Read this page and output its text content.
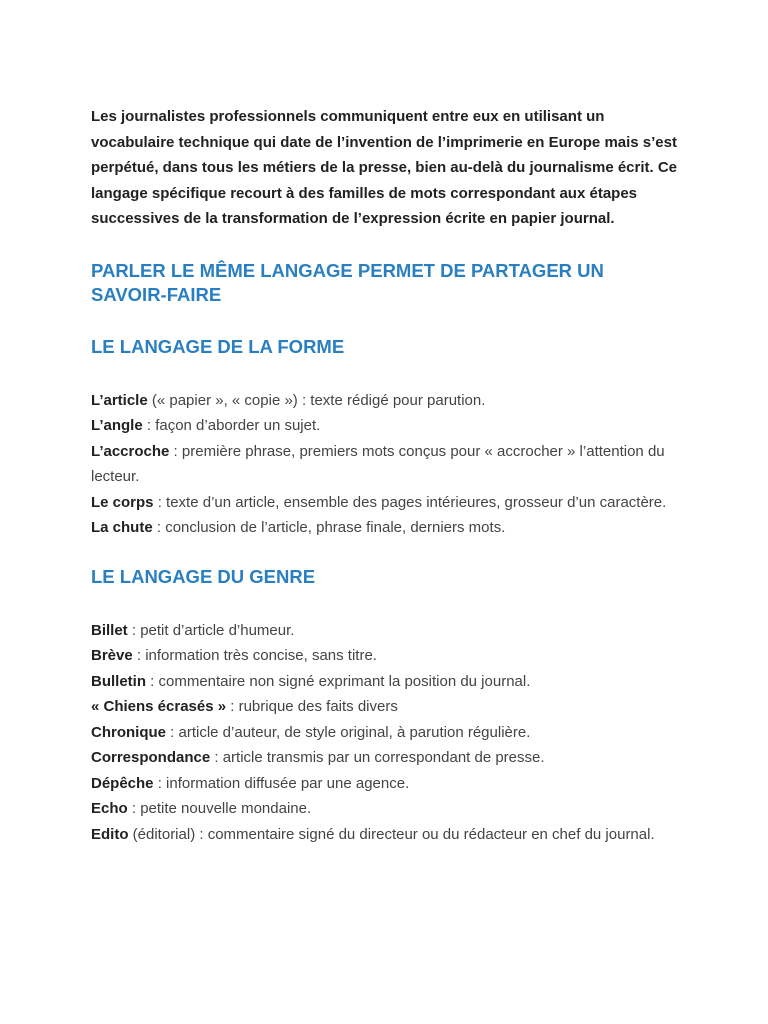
Les journalistes professionnels communiquent entre eux en utilisant un vocabulaire technique qui date de l’invention de l’imprimerie en Europe mais s’est perpétué, dans tous les métiers de la presse, bien au-delà du journalisme écrit. Ce langage spécifique recourt à des familles de mots correspondant aux étapes successives de la transformation de l’expression écrite en papier journal.

PARLER LE MÊME LANGAGE PERMET DE PARTAGER UN SAVOIR-FAIRE
LE LANGAGE DE LA FORME
L’article (« papier », « copie ») : texte rédigé pour parution.
L’angle : façon d’aborder un sujet.
L’accroche : première phrase, premiers mots conçus pour « accrocher » l’attention du lecteur.
Le corps : texte d’un article, ensemble des pages intérieures, grosseur d’un caractère.
La chute : conclusion de l’article, phrase finale, derniers mots.
LE LANGAGE DU GENRE
Billet : petit d’article d’humeur.
Brève : information très concise, sans titre.
Bulletin : commentaire non signé exprimant la position du journal.
« Chiens écrasés » : rubrique des faits divers
Chronique : article d’auteur, de style original, à parution régulière.
Correspondance : article transmis par un correspondant de presse.
Dépêche : information diffusée par une agence.
Echo : petite nouvelle mondaine.
Edito (éditorial) : commentaire signé du directeur ou du rédacteur en chef du journal.
